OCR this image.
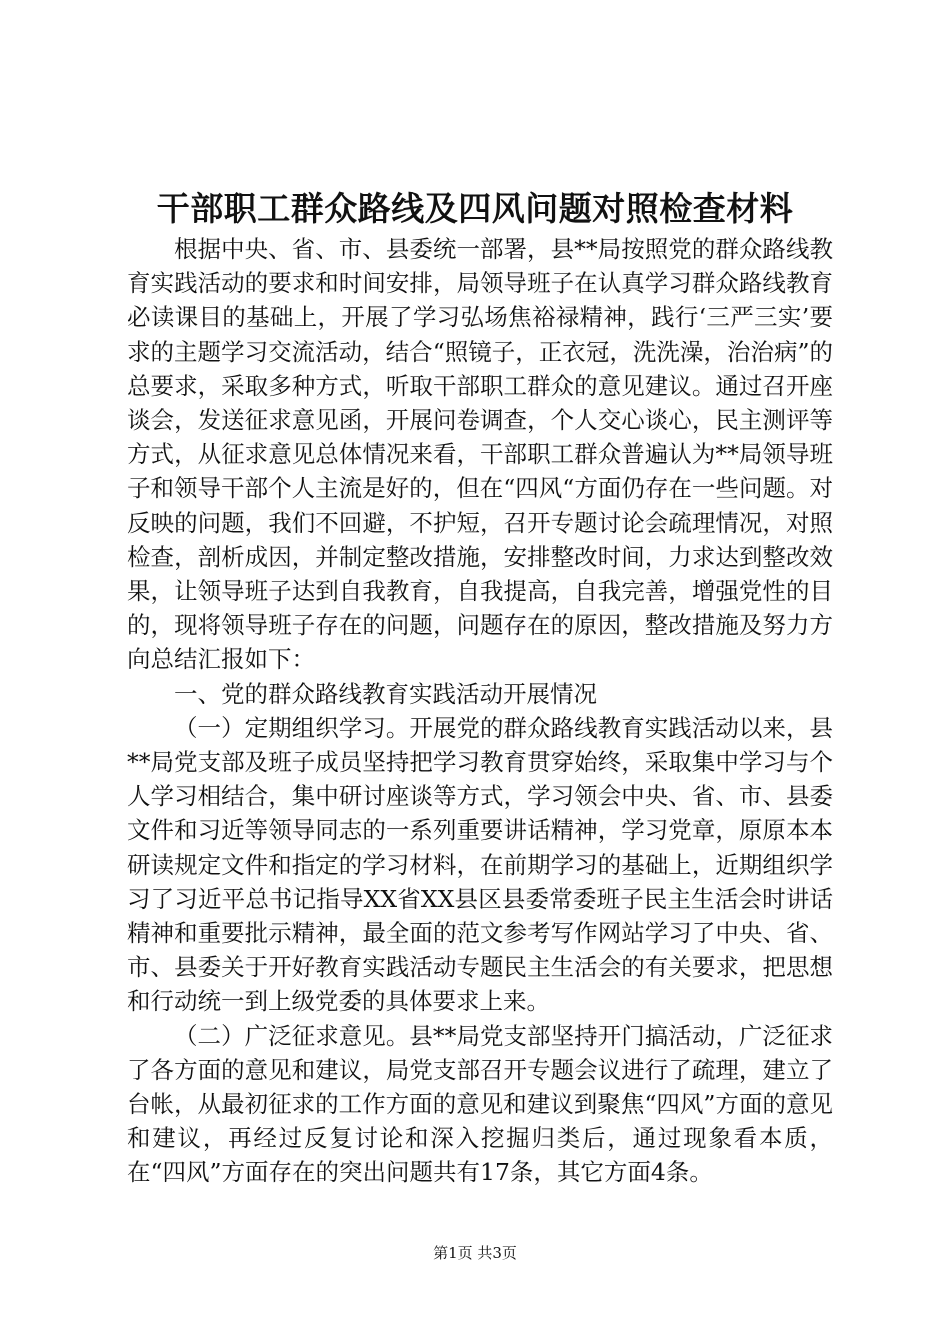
干部职工群众路线及四风问题对照检查材料

根据中央、省、市、县委统一部署，县**局按照党的群众路线教育实践活动的要求和时间安排，局领导班子在认真学习群众路线教育必读课目的基础上，开展了学习弘场焦裕禄精神，践行‘三严三实’要求的主题学习交流活动，结合“照镜子，正衣冠，洗洗澡，治治病”的总要求，采取多种方式，听取干部职工群众的意见建议。通过召开座谈会，发送征求意见函，开展问卷调查，个人交心谈心，民主测评等方式，从征求意见总体情况来看，干部职工群众普遍认为**局领导班子和领导干部个人主流是好的，但在“四风“方面仍存在一些问题。对反映的问题，我们不回避，不护短，召开专题讨论会疏理情况，对照检查，剖析成因，并制定整改措施，安排整改时间，力求达到整改效果，让领导班子达到自我教育，自我提高，自我完善，增强党性的目的，现将领导班子存在的问题，问题存在的原因，整改措施及努力方向总结汇报如下：

一、党的群众路线教育实践活动开展情况

（一）定期组织学习。开展党的群众路线教育实践活动以来，县**局党支部及班子成员坚持把学习教育贯穿始终，采取集中学习与个人学习相结合，集中研讨座谈等方式，学习领会中央、省、市、县委文件和习近等领导同志的一系列重要讲话精神，学习党章，原原本本研读规定文件和指定的学习材料，在前期学习的基础上，近期组织学习了习近平总书记指导XX省XX县区县委常委班子民主生活会时讲话精神和重要批示精神，最全面的范文参考写作网站学习了中央、省、市、县委关于开好教育实践活动专题民主生活会的有关要求，把思想和行动统一到上级党委的具体要求上来。

（二）广泛征求意见。县**局党支部坚持开门搞活动，广泛征求了各方面的意见和建议，局党支部召开专题会议进行了疏理，建立了台帐，从最初征求的工作方面的意见和建议到聚焦“四风”方面的意见和建议，再经过反复讨论和深入挖掘归类后，通过现象看本质，在“四风”方面存在的突出问题共有17条，其它方面4条。

第1页 共3页
